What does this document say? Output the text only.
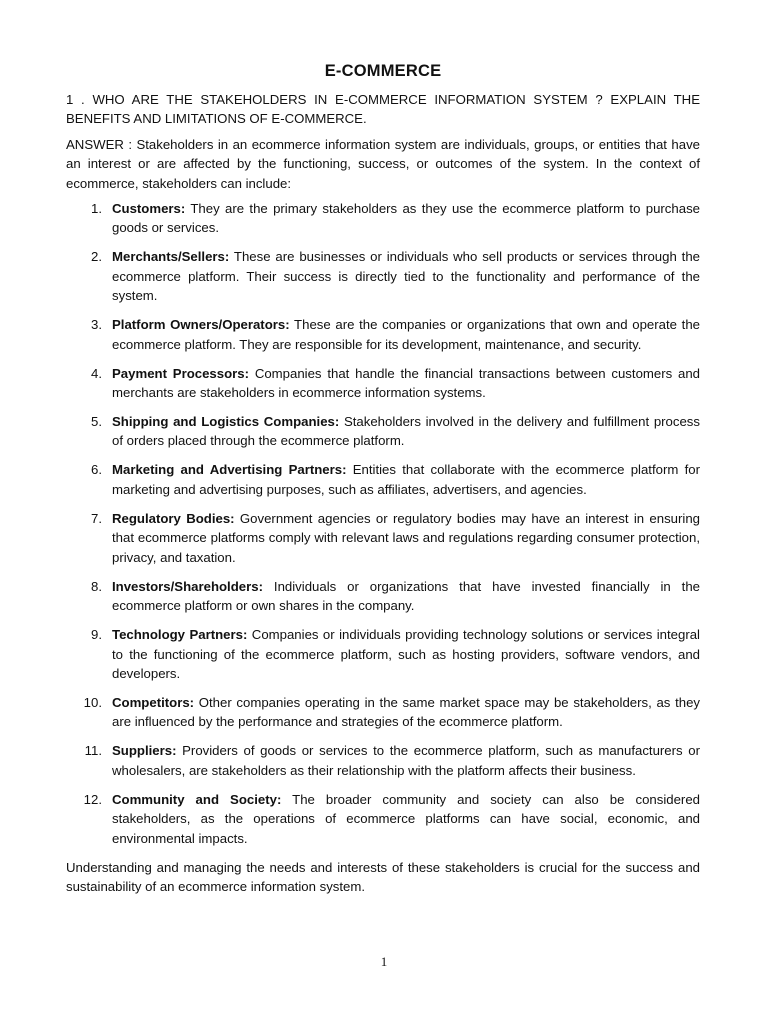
E-COMMERCE

1 . WHO ARE THE STAKEHOLDERS IN E-COMMERCE INFORMATION SYSTEM ? EXPLAIN THE BENEFITS AND LIMITATIONS OF E-COMMERCE.

ANSWER : Stakeholders in an ecommerce information system are individuals, groups, or entities that have an interest or are affected by the functioning, success, or outcomes of the system. In the context of ecommerce, stakeholders can include:

1. Customers: They are the primary stakeholders as they use the ecommerce platform to purchase goods or services.
2. Merchants/Sellers: These are businesses or individuals who sell products or services through the ecommerce platform. Their success is directly tied to the functionality and performance of the system.
3. Platform Owners/Operators: These are the companies or organizations that own and operate the ecommerce platform. They are responsible for its development, maintenance, and security.
4. Payment Processors: Companies that handle the financial transactions between customers and merchants are stakeholders in ecommerce information systems.
5. Shipping and Logistics Companies: Stakeholders involved in the delivery and fulfillment process of orders placed through the ecommerce platform.
6. Marketing and Advertising Partners: Entities that collaborate with the ecommerce platform for marketing and advertising purposes, such as affiliates, advertisers, and agencies.
7. Regulatory Bodies: Government agencies or regulatory bodies may have an interest in ensuring that ecommerce platforms comply with relevant laws and regulations regarding consumer protection, privacy, and taxation.
8. Investors/Shareholders: Individuals or organizations that have invested financially in the ecommerce platform or own shares in the company.
9. Technology Partners: Companies or individuals providing technology solutions or services integral to the functioning of the ecommerce platform, such as hosting providers, software vendors, and developers.
10. Competitors: Other companies operating in the same market space may be stakeholders, as they are influenced by the performance and strategies of the ecommerce platform.
11. Suppliers: Providers of goods or services to the ecommerce platform, such as manufacturers or wholesalers, are stakeholders as their relationship with the platform affects their business.
12. Community and Society: The broader community and society can also be considered stakeholders, as the operations of ecommerce platforms can have social, economic, and environmental impacts.

Understanding and managing the needs and interests of these stakeholders is crucial for the success and sustainability of an ecommerce information system.

1
